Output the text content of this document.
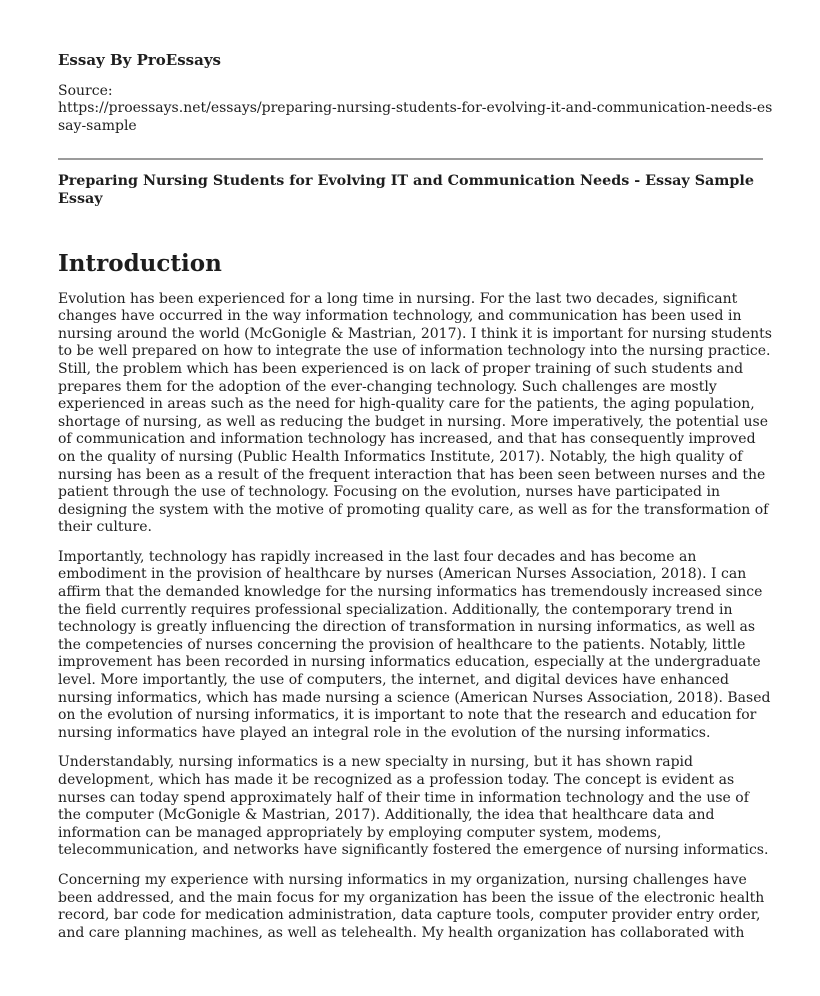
Essay By ProEssays
Source:
https://proessays.net/essays/preparing-nursing-students-for-evolving-it-and-communication-needs-essay-sample
Preparing Nursing Students for Evolving IT and Communication Needs - Essay Sample Essay
Introduction

Evolution has been experienced for a long time in nursing. For the last two decades, significant changes have occurred in the way information technology, and communication has been used in nursing around the world (McGonigle & Mastrian, 2017). I think it is important for nursing students to be well prepared on how to integrate the use of information technology into the nursing practice. Still, the problem which has been experienced is on lack of proper training of such students and prepares them for the adoption of the ever-changing technology. Such challenges are mostly experienced in areas such as the need for high-quality care for the patients, the aging population, shortage of nursing, as well as reducing the budget in nursing. More imperatively, the potential use of communication and information technology has increased, and that has consequently improved on the quality of nursing (Public Health Informatics Institute, 2017). Notably, the high quality of nursing has been as a result of the frequent interaction that has been seen between nurses and the patient through the use of technology. Focusing on the evolution, nurses have participated in designing the system with the motive of promoting quality care, as well as for the transformation of their culture.

Importantly, technology has rapidly increased in the last four decades and has become an embodiment in the provision of healthcare by nurses (American Nurses Association, 2018). I can affirm that the demanded knowledge for the nursing informatics has tremendously increased since the field currently requires professional specialization. Additionally, the contemporary trend in technology is greatly influencing the direction of transformation in nursing informatics, as well as the competencies of nurses concerning the provision of healthcare to the patients. Notably, little improvement has been recorded in nursing informatics education, especially at the undergraduate level. More importantly, the use of computers, the internet, and digital devices have enhanced nursing informatics, which has made nursing a science (American Nurses Association, 2018). Based on the evolution of nursing informatics, it is important to note that the research and education for nursing informatics have played an integral role in the evolution of the nursing informatics.

Understandably, nursing informatics is a new specialty in nursing, but it has shown rapid development, which has made it be recognized as a profession today. The concept is evident as nurses can today spend approximately half of their time in information technology and the use of the computer (McGonigle & Mastrian, 2017). Additionally, the idea that healthcare data and information can be managed appropriately by employing computer system, modems, telecommunication, and networks have significantly fostered the emergence of nursing informatics.

Concerning my experience with nursing informatics in my organization, nursing challenges have been addressed, and the main focus for my organization has been the issue of the electronic health record, bar code for medication administration, data capture tools, computer provider entry order, and care planning machines, as well as telehealth. My health organization has collaborated with
